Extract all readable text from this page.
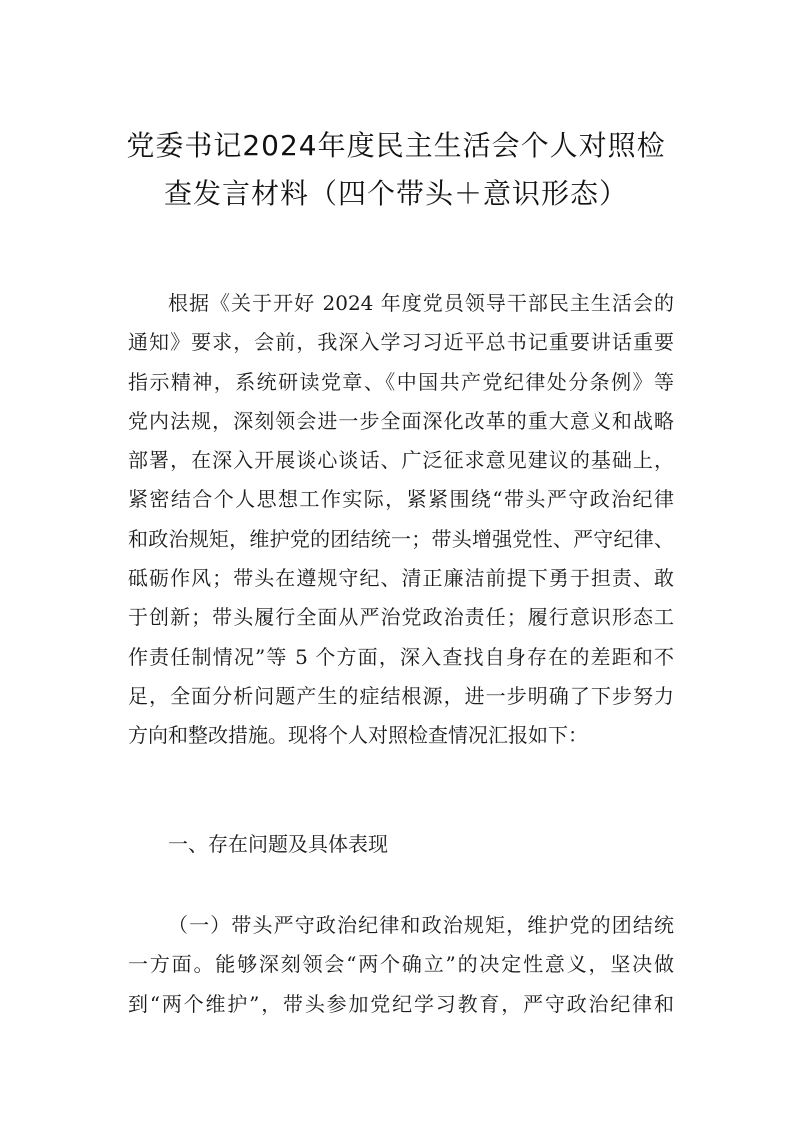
党委书记2024年度民主生活会个人对照检
查发言材料（四个带头＋意识形态）
根据《关于开好 2024 年度党员领导干部民主生活会的
通知》要求，会前，我深入学习习近平总书记重要讲话重要
指示精神，系统研读党章、《中国共产党纪律处分条例》等
党内法规，深刻领会进一步全面深化改革的重大意义和战略
部署，在深入开展谈心谈话、广泛征求意见建议的基础上，
紧密结合个人思想工作实际，紧紧围绕“带头严守政治纪律
和政治规矩，维护党的团结统一；带头增强党性、严守纪律、
砥砺作风；带头在遵规守纪、清正廉洁前提下勇于担责、敢
于创新；带头履行全面从严治党政治责任；履行意识形态工
作责任制情况”等 5 个方面，深入查找自身存在的差距和不
足，全面分析问题产生的症结根源，进一步明确了下步努力
方向和整改措施。现将个人对照检查情况汇报如下：
一、存在问题及具体表现
（一）带头严守政治纪律和政治规矩，维护党的团结统
一方面。能够深刻领会“两个确立”的决定性意义，坚决做
到“两个维护”，带头参加党纪学习教育，严守政治纪律和
